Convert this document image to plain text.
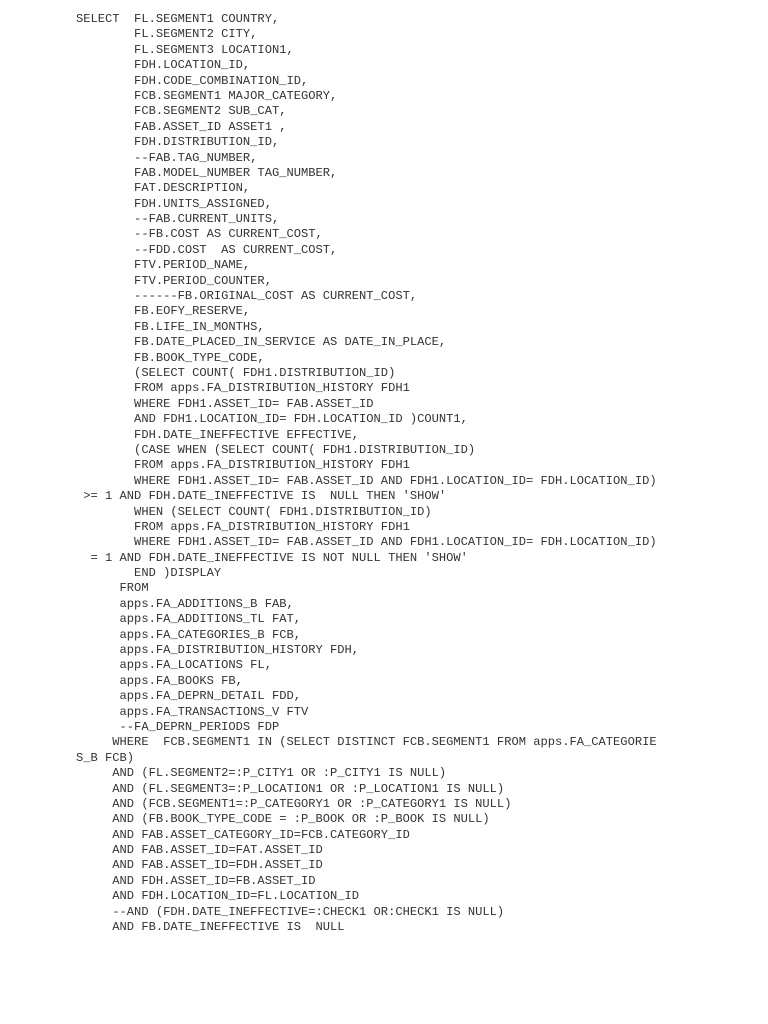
SELECT  FL.SEGMENT1 COUNTRY,
FL.SEGMENT2 CITY,
FL.SEGMENT3 LOCATION1,
FDH.LOCATION_ID,
FDH.CODE_COMBINATION_ID,
FCB.SEGMENT1 MAJOR_CATEGORY,
FCB.SEGMENT2 SUB_CAT,
FAB.ASSET_ID ASSET1 ,
FDH.DISTRIBUTION_ID,
--FAB.TAG_NUMBER,
FAB.MODEL_NUMBER TAG_NUMBER,
FAT.DESCRIPTION,
FDH.UNITS_ASSIGNED,
--FAB.CURRENT_UNITS,
--FB.COST AS CURRENT_COST,
--FDD.COST  AS CURRENT_COST,
FTV.PERIOD_NAME,
FTV.PERIOD_COUNTER,
------FB.ORIGINAL_COST AS CURRENT_COST,
FB.EOFY_RESERVE,
FB.LIFE_IN_MONTHS,
FB.DATE_PLACED_IN_SERVICE AS DATE_IN_PLACE,
FB.BOOK_TYPE_CODE,
(SELECT COUNT( FDH1.DISTRIBUTION_ID)
FROM apps.FA_DISTRIBUTION_HISTORY FDH1
WHERE FDH1.ASSET_ID= FAB.ASSET_ID
AND FDH1.LOCATION_ID= FDH.LOCATION_ID )COUNT1,
FDH.DATE_INEFFECTIVE EFFECTIVE,
(CASE WHEN (SELECT COUNT( FDH1.DISTRIBUTION_ID)
FROM apps.FA_DISTRIBUTION_HISTORY FDH1
WHERE FDH1.ASSET_ID= FAB.ASSET_ID AND FDH1.LOCATION_ID= FDH.LOCATION_ID)
>= 1 AND FDH.DATE_INEFFECTIVE IS  NULL THEN 'SHOW'
WHEN (SELECT COUNT( FDH1.DISTRIBUTION_ID)
FROM apps.FA_DISTRIBUTION_HISTORY FDH1
WHERE FDH1.ASSET_ID= FAB.ASSET_ID AND FDH1.LOCATION_ID= FDH.LOCATION_ID)
= 1 AND FDH.DATE_INEFFECTIVE IS NOT NULL THEN 'SHOW'
END )DISPLAY
FROM
apps.FA_ADDITIONS_B FAB,
apps.FA_ADDITIONS_TL FAT,
apps.FA_CATEGORIES_B FCB,
apps.FA_DISTRIBUTION_HISTORY FDH,
apps.FA_LOCATIONS FL,
apps.FA_BOOKS FB,
apps.FA_DEPRN_DETAIL FDD,
apps.FA_TRANSACTIONS_V FTV
--FA_DEPRN_PERIODS FDP
WHERE  FCB.SEGMENT1 IN (SELECT DISTINCT FCB.SEGMENT1 FROM apps.FA_CATEGORIE
S_B FCB)
AND (FL.SEGMENT2=:P_CITY1 OR :P_CITY1 IS NULL)
AND (FL.SEGMENT3=:P_LOCATION1 OR :P_LOCATION1 IS NULL)
AND (FCB.SEGMENT1=:P_CATEGORY1 OR :P_CATEGORY1 IS NULL)
AND (FB.BOOK_TYPE_CODE = :P_BOOK OR :P_BOOK IS NULL)
AND FAB.ASSET_CATEGORY_ID=FCB.CATEGORY_ID
AND FAB.ASSET_ID=FAT.ASSET_ID
AND FAB.ASSET_ID=FDH.ASSET_ID
AND FDH.ASSET_ID=FB.ASSET_ID
AND FDH.LOCATION_ID=FL.LOCATION_ID
--AND (FDH.DATE_INEFFECTIVE=:CHECK1 OR:CHECK1 IS NULL)
AND FB.DATE_INEFFECTIVE IS  NULL
